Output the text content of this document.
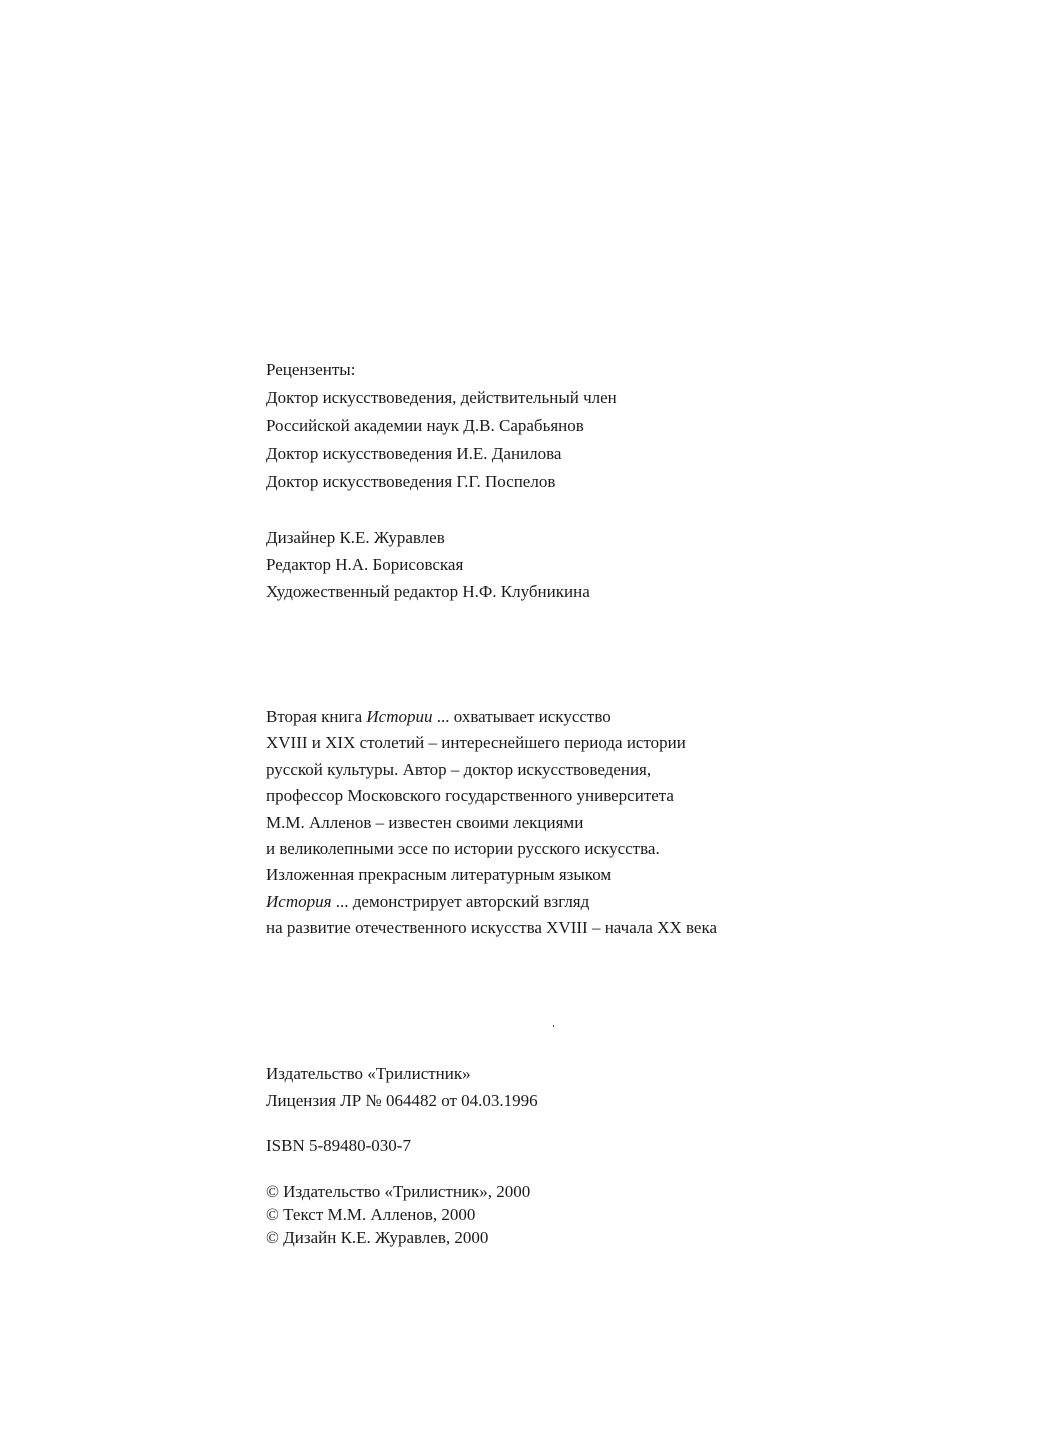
Рецензенты:
Доктор искусствоведения, действительный член
Российской академии наук Д.В. Сарабьянов
Доктор искусствоведения И.Е. Данилова
Доктор искусствоведения Г.Г. Поспелов
Дизайнер К.Е. Журавлев
Редактор Н.А. Борисовская
Художественный редактор Н.Ф. Клубникина
Вторая книга Истории ... охватывает искусство
XVIII и XIX столетий – интереснейшего периода истории
русской культуры. Автор – доктор искусствоведения,
профессор Московского государственного университета
М.М. Алленов – известен своими лекциями
и великолепными эссе по истории русского искусства.
Изложенная прекрасным литературным языком
История ... демонстрирует авторский взгляд
на развитие отечественного искусства XVIII – начала XX века
Издательство «Трилистник»
Лицензия ЛР № 064482 от 04.03.1996
ISBN 5-89480-030-7
© Издательство «Трилистник», 2000
© Текст М.М. Алленов, 2000
© Дизайн К.Е. Журавлев, 2000
